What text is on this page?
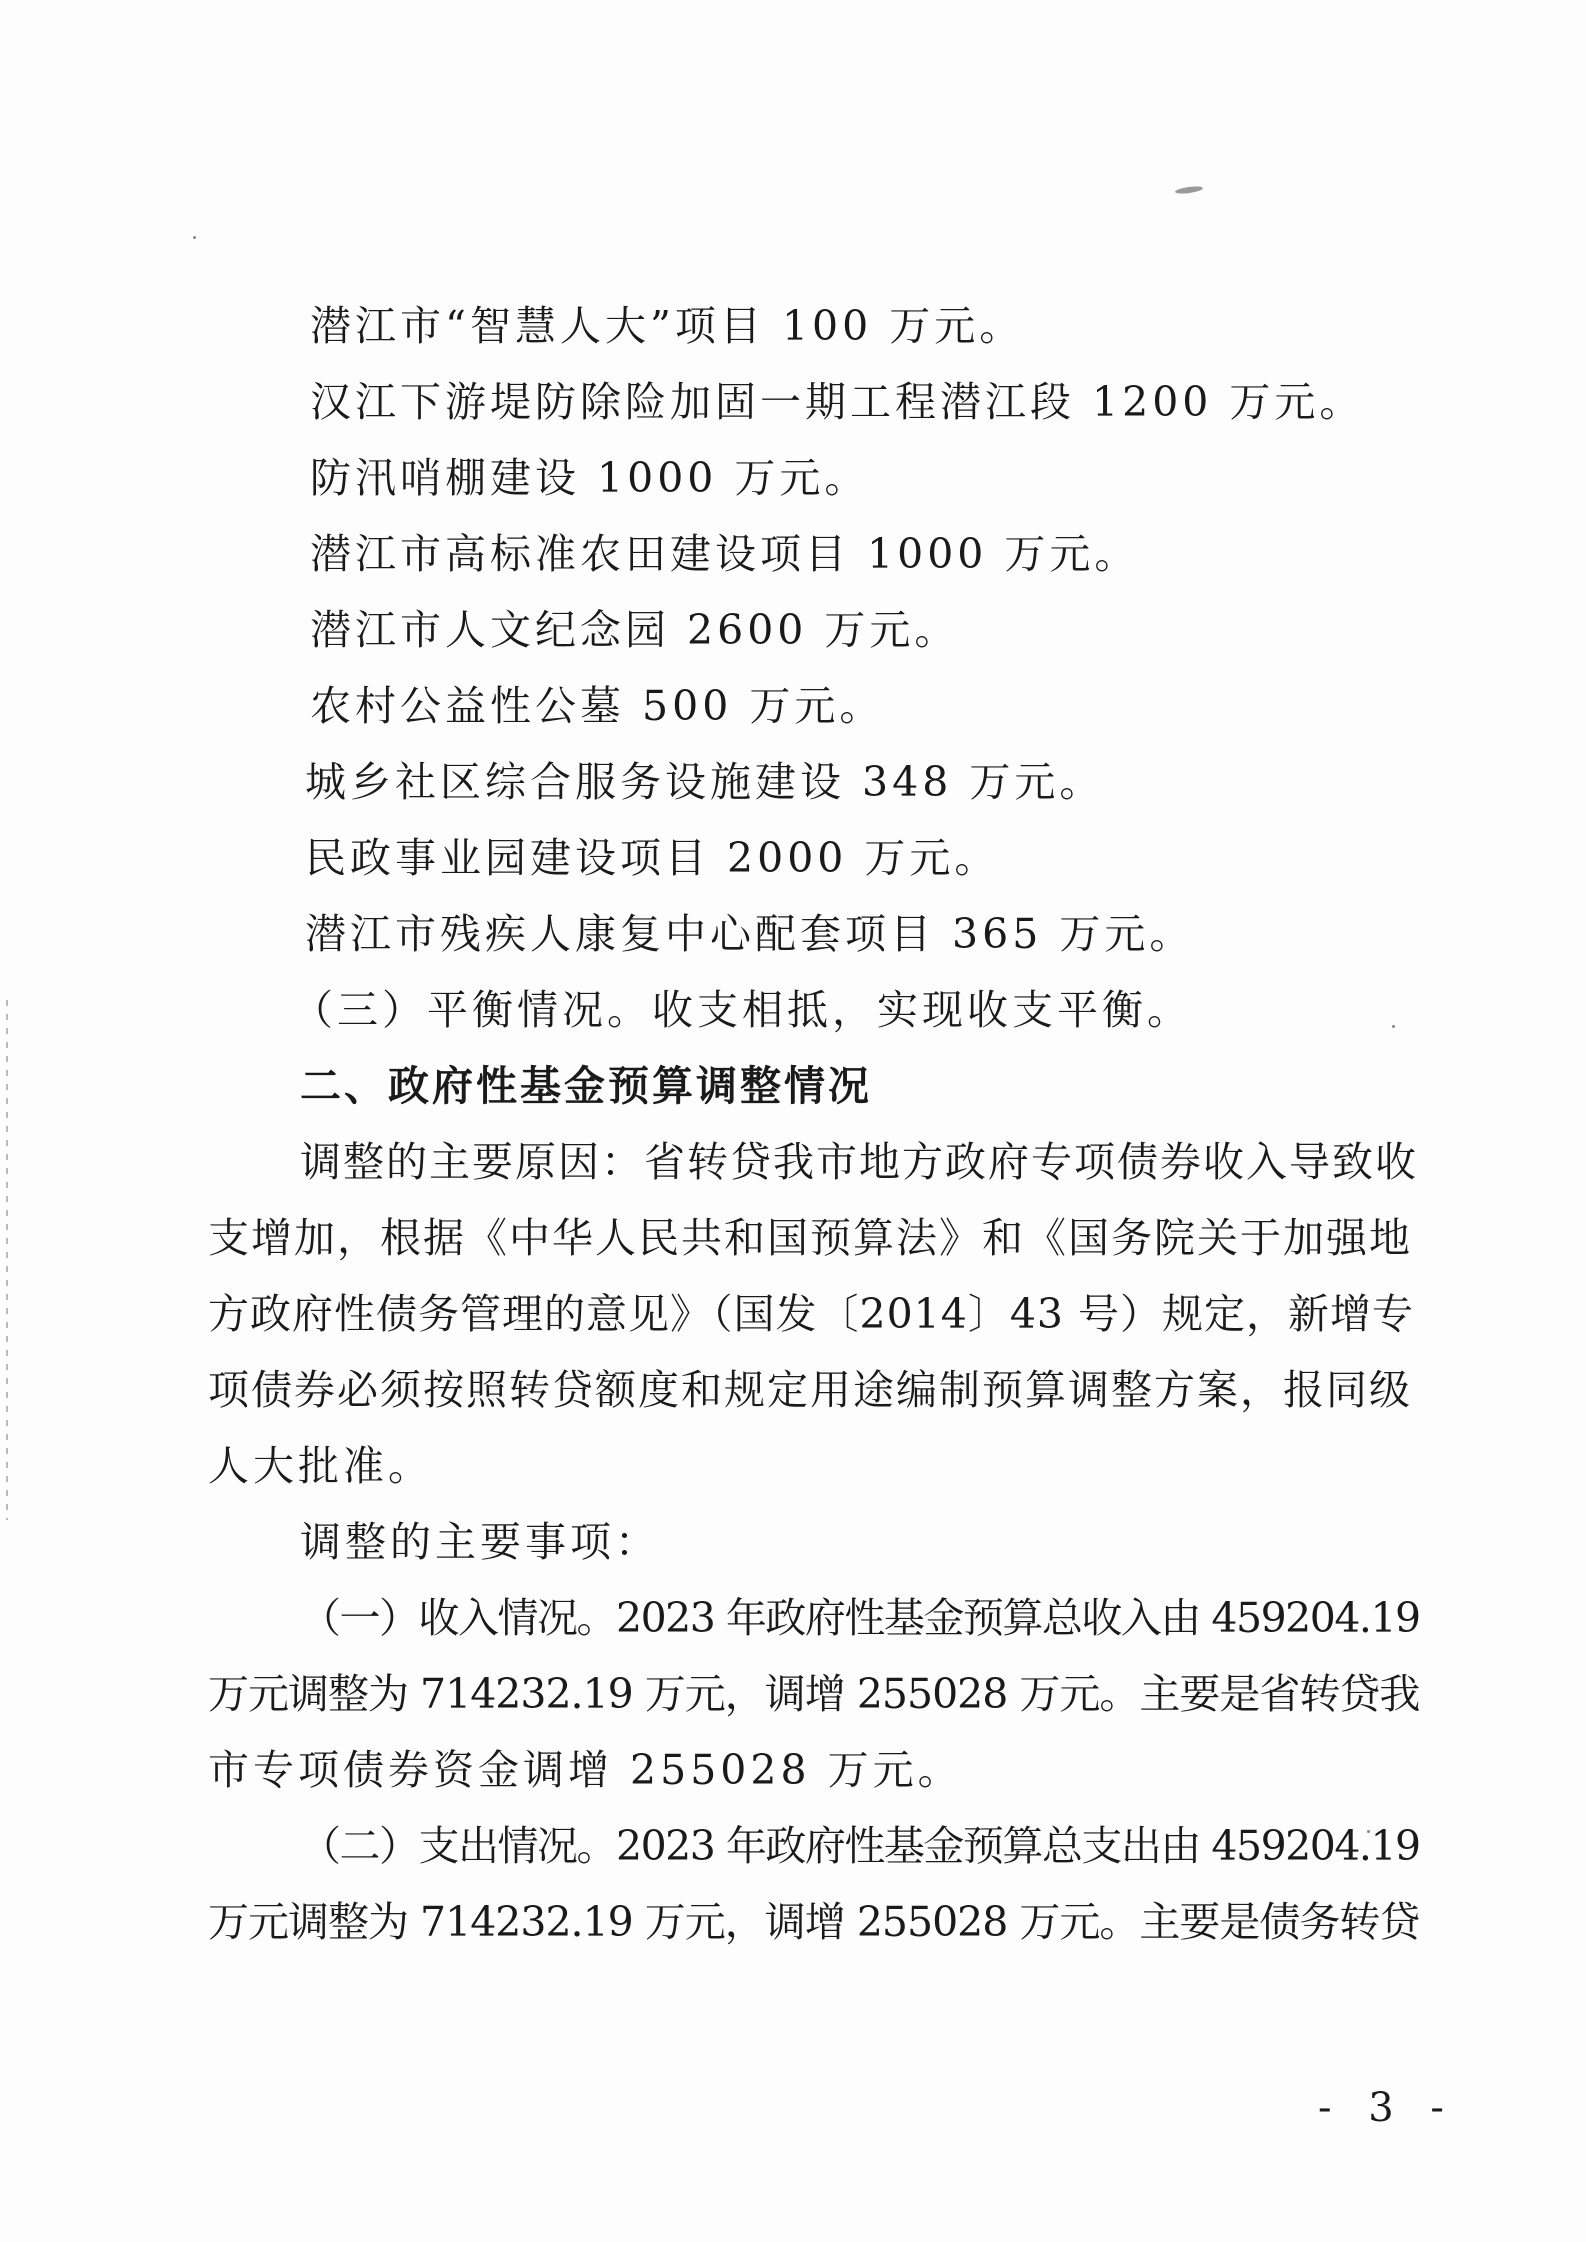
潜江市“智慧人大”项目 100 万元。
汉江下游堤防除险加固一期工程潜江段 1200 万元。
防汛哨棚建设 1000 万元。
潜江市高标准农田建设项目 1000 万元。
潜江市人文纪念园 2600 万元。
农村公益性公墓 500 万元。
城乡社区综合服务设施建设 348 万元。
民政事业园建设项目 2000 万元。
潜江市残疾人康复中心配套项目 365 万元。
（三）平衡情况。收支相抵，实现收支平衡。
二、政府性基金预算调整情况
调整的主要原因：省转贷我市地方政府专项债券收入导致收
支增加，根据《中华人民共和国预算法》和《国务院关于加强地
方政府性债务管理的意见》（国发〔2014〕43 号）规定，新增专
项债券必须按照转贷额度和规定用途编制预算调整方案，报同级
人大批准。
调整的主要事项：
（一）收入情况。2023 年政府性基金预算总收入由 459204.19
万元调整为 714232.19 万元，调增 255028 万元。主要是省转贷我
市专项债券资金调增 255028 万元。
（二）支出情况。2023 年政府性基金预算总支出由 459204.19
万元调整为 714232.19 万元，调增 255028 万元。主要是债务转贷
- 3 -
